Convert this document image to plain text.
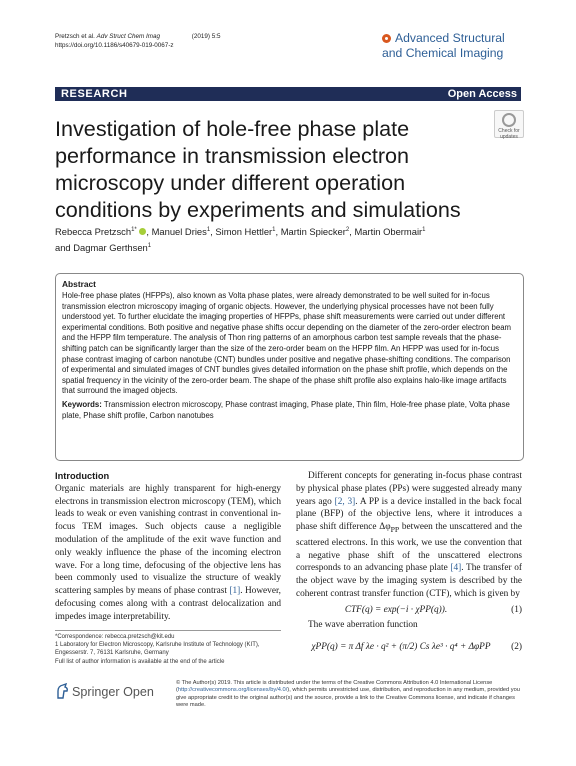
Pretzsch et al. Adv Struct Chem Imag	(2019) 5:5
https://doi.org/10.1186/s40679-019-0067-z
Advanced Structural
and Chemical Imaging
RESEARCH	Open Access
Check for updates
Investigation of hole-free phase plate performance in transmission electron microscopy under different operation conditions by experiments and simulations
Rebecca Pretzsch$^{1*}$ , Manuel Dries$^1$, Simon Hettler$^1$, Martin Spiecker$^2$, Martin Obermair$^1$
and Dagmar Gerthsen$^1$
Abstract

Hole-free phase plates (HFPPs), also known as Volta phase plates, were already demonstrated to be well suited for in-focus transmission electron microscopy imaging of organic objects. However, the underlying physical processes have not been fully understood yet. To further elucidate the imaging properties of HFPPs, phase shift measurements were carried out under different experimental conditions. Both positive and negative phase shifts occur depending on the diameter of the zero-order electron beam and the HFPP film temperature. The analysis of Thon ring patterns of an amorphous carbon test sample reveals that the phase-shifting patch can be significantly larger than the size of the zero-order beam on the HFPP film. An HFPP was used for in-focus phase contrast imaging of carbon nanotube (CNT) bundles under positive and negative phase-shifting conditions. The comparison of experimental and simulated images of CNT bundles gives detailed information on the phase shift profile, which depends on the spatial frequency in the vicinity of the zero-order beam. The shape of the phase shift profile also explains halo-like image artifacts that surround the imaged objects.

Keywords: Transmission electron microscopy, Phase contrast imaging, Phase plate, Thin film, Hole-free phase plate, Volta phase plate, Phase shift profile, Carbon nanotubes

Introduction

Organic materials are highly transparent for high-energy electrons in transmission electron microscopy (TEM), which leads to weak or even vanishing contrast in conventional in-focus TEM images. Such objects cause a negligible modulation of the amplitude of the exit wave function and only weakly influence the phase of the incoming electron wave. For a long time, defocusing of the objective lens has been commonly used to visualize the structure of weakly scattering samples by means of phase contrast [1]. However, defocusing comes along with a contrast delocalization and impedes image interpretability.

Different concepts for generating in-focus phase contrast by physical phase plates (PPs) were suggested already many years ago [2, 3]. A PP is a device installed in the back focal plane (BFP) of the objective lens, where it introduces a phase shift difference $\Delta\varphi_{PP}$ between the unscattered and the scattered electrons. In this work, we use the convention that a negative phase shift of the unscattered electrons corresponds to an advancing phase plate [4]. The transfer of the object wave by the imaging system is described by the coherent contrast transfer function (CTF), which is given by

CTF(q) = exp(−i · χPP(q)).	(1)

The wave aberration function

χPP(q) = π Δf λe · q² + (π/2) Cs λe³ · q⁴ + ΔφPP	(2)
*Correspondence: rebecca.pretzsch@kit.edu
1 Laboratory for Electron Microscopy, Karlsruhe Institute of Technology (KIT), Engesserstr. 7, 76131 Karlsruhe, Germany
Full list of author information is available at the end of the article
Springer Open
© The Author(s) 2019. This article is distributed under the terms of the Creative Commons Attribution 4.0 International License (http://creativecommons.org/licenses/by/4.0/), which permits unrestricted use, distribution, and reproduction in any medium, provided you give appropriate credit to the original author(s) and the source, provide a link to the Creative Commons license, and indicate if changes were made.
